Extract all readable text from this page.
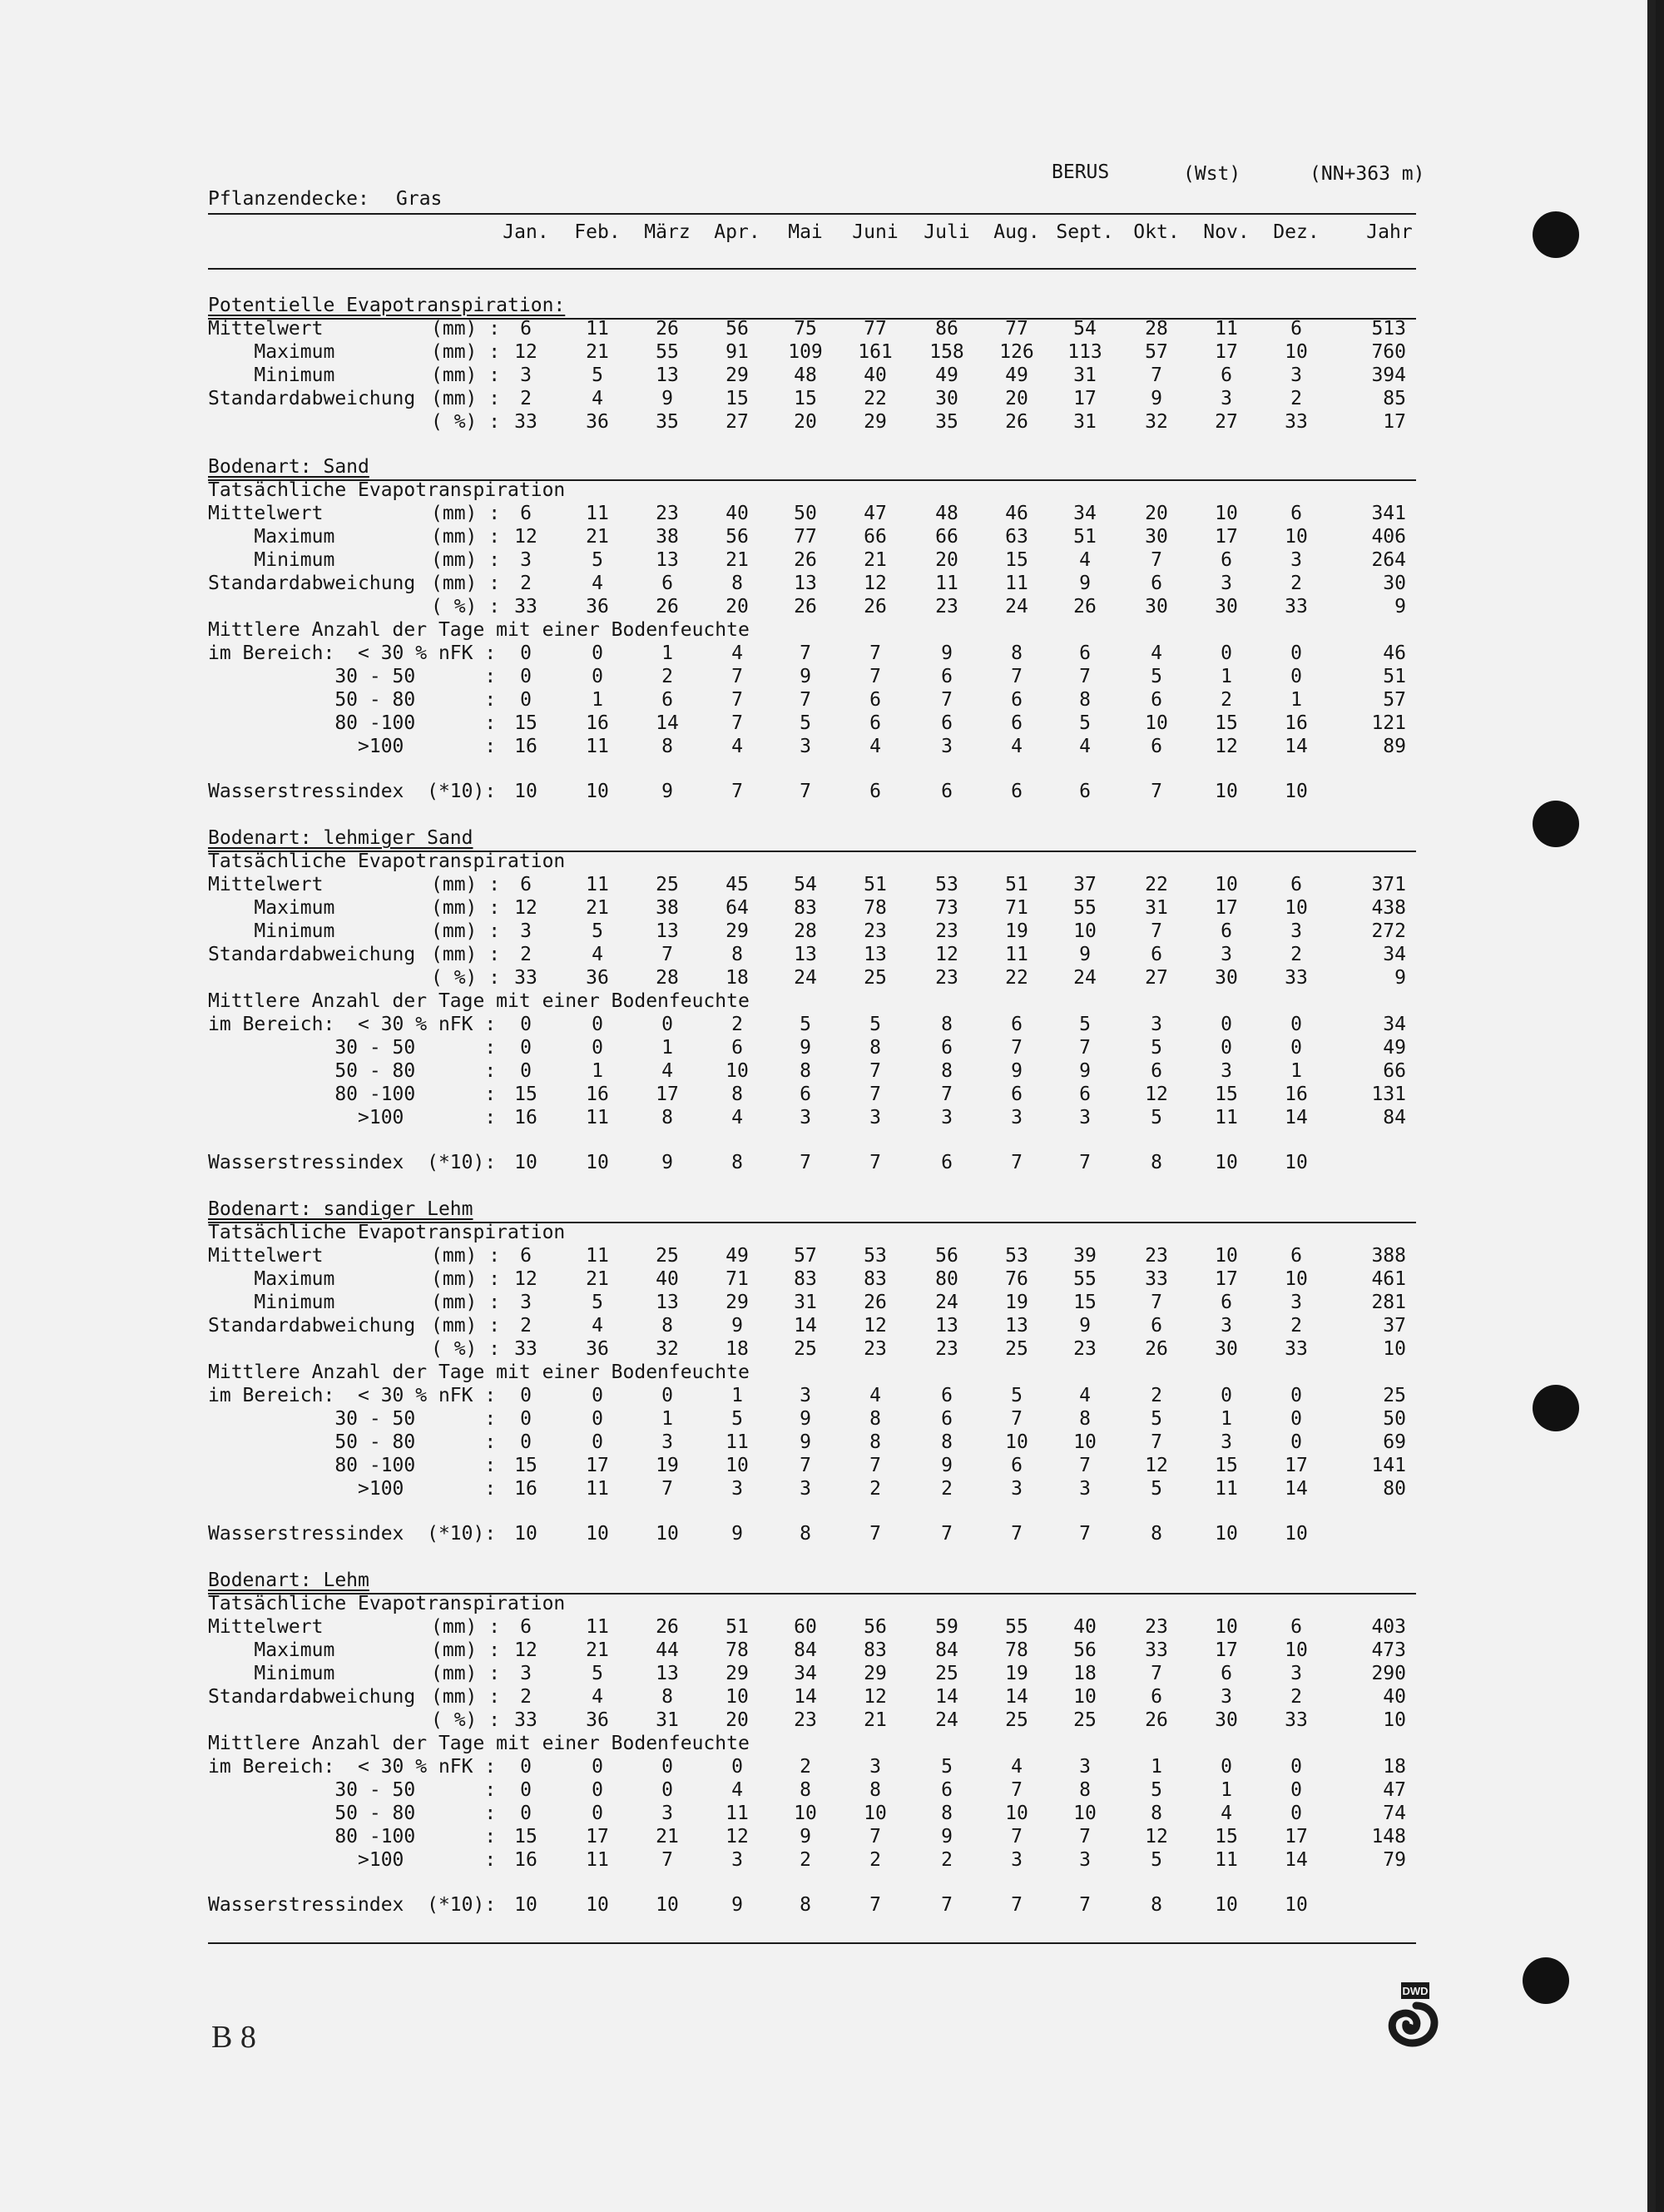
BERUS	(Wst)	(NN+363 m)
Pflanzendecke: Gras
Jan.	Feb.	März	Apr.	Mai	Juni	Juli	Aug. Sept.	Okt.	Nov.	Dez.	Jahr
Potentielle Evapotranspiration:
Mittelwert	(mm) :	6	11	26	56	75	77	86	77	54	28	11	6	513
Maximum	(mm) : 12	21	55	91	109	161	158	126	113	57	17	10	760
Minimum	(mm) :	3	5	13	29	48	40	49	49	31	7	6	3	394
Standardabweichung (mm) :	2	4	9	15	15	22	30	20	17	9	3	2	85
( %) : 33	36	35	27	20	29	35	26	31	32	27	33	17
Bodenart: Sand
Tatsächliche Evapotranspiration
Mittelwert	(mm) :	6	11	23	40	50	47	48	46	34	20	10	6	341
Maximum	(mm) : 12	21	38	56	77	66	66	63	51	30	17	10	406
Minimum	(mm) :	3	5	13	21	26	21	20	15	4	7	6	3	264
Standardabweichung (mm) :	2	4	6	8	13	12	11	11	9	6	3	2	30
( %) : 33	36	26	20	26	26	23	24	26	30	30	33	9
Mittlere Anzahl der Tage mit einer Bodenfeuchte
im Bereich:  < 30 % nFK :	0	0	1	4	7	7	9	8	6	4	0	0	46
30 - 50      :	0	0	2	7	9	7	6	7	7	5	1	0	51
50 - 80      :	0	1	6	7	7	6	7	6	8	6	2	1	57
80 -100      : 15	16	14	7	5	6	6	6	5	10	15	16	121
>100       : 16	11	8	4	3	4	3	4	4	6	12	14	89
Wasserstressindex  (*10): 10	10	9	7	7	6	6	6	6	7	10	10
Bodenart: lehmiger Sand
Tatsächliche Evapotranspiration
Mittelwert	(mm) :	6	11	25	45	54	51	53	51	37	22	10	6	371
Maximum	(mm) : 12	21	38	64	83	78	73	71	55	31	17	10	438
Minimum	(mm) :	3	5	13	29	28	23	23	19	10	7	6	3	272
Standardabweichung (mm) :	2	4	7	8	13	13	12	11	9	6	3	2	34
( %) : 33	36	28	18	24	25	23	22	24	27	30	33	9
Mittlere Anzahl der Tage mit einer Bodenfeuchte
im Bereich:  < 30 % nFK :	0	0	0	2	5	5	8	6	5	3	0	0	34
30 - 50      :	0	0	1	6	9	8	6	7	7	5	0	0	49
50 - 80      :	0	1	4	10	8	7	8	9	9	6	3	1	66
80 -100      : 15	16	17	8	6	7	7	6	6	12	15	16	131
>100       : 16	11	8	4	3	3	3	3	3	5	11	14	84
Wasserstressindex  (*10): 10	10	9	8	7	7	6	7	7	8	10	10
Bodenart: sandiger Lehm
Tatsächliche Evapotranspiration
Mittelwert	(mm) :	6	11	25	49	57	53	56	53	39	23	10	6	388
Maximum	(mm) : 12	21	40	71	83	83	80	76	55	33	17	10	461
Minimum	(mm) :	3	5	13	29	31	26	24	19	15	7	6	3	281
Standardabweichung (mm) :	2	4	8	9	14	12	13	13	9	6	3	2	37
( %) : 33	36	32	18	25	23	23	25	23	26	30	33	10
Mittlere Anzahl der Tage mit einer Bodenfeuchte
im Bereich:  < 30 % nFK :	0	0	0	1	3	4	6	5	4	2	0	0	25
30 - 50      :	0	0	1	5	9	8	6	7	8	5	1	0	50
50 - 80      :	0	0	3	11	9	8	8	10	10	7	3	0	69
80 -100      : 15	17	19	10	7	7	9	6	7	12	15	17	141
>100       : 16	11	7	3	3	2	2	3	3	5	11	14	80
Wasserstressindex  (*10): 10	10	10	9	8	7	7	7	7	8	10	10
Bodenart: Lehm
Tatsächliche Evapotranspiration
Mittelwert	(mm) :	6	11	26	51	60	56	59	55	40	23	10	6	403
Maximum	(mm) : 12	21	44	78	84	83	84	78	56	33	17	10	473
Minimum	(mm) :	3	5	13	29	34	29	25	19	18	7	6	3	290
Standardabweichung (mm) :	2	4	8	10	14	12	14	14	10	6	3	2	40
( %) : 33	36	31	20	23	21	24	25	25	26	30	33	10
Mittlere Anzahl der Tage mit einer Bodenfeuchte
im Bereich:  < 30 % nFK :	0	0	0	0	2	3	5	4	3	1	0	0	18
30 - 50      :	0	0	0	4	8	8	6	7	8	5	1	0	47
50 - 80      :	0	0	3	11	10	10	8	10	10	8	4	0	74
80 -100      : 15	17	21	12	9	7	9	7	7	12	15	17	148
>100       : 16	11	7	3	2	2	2	3	3	5	11	14	79
Wasserstressindex  (*10): 10	10	10	9	8	7	7	7	7	8	10	10
B 8
DWD
